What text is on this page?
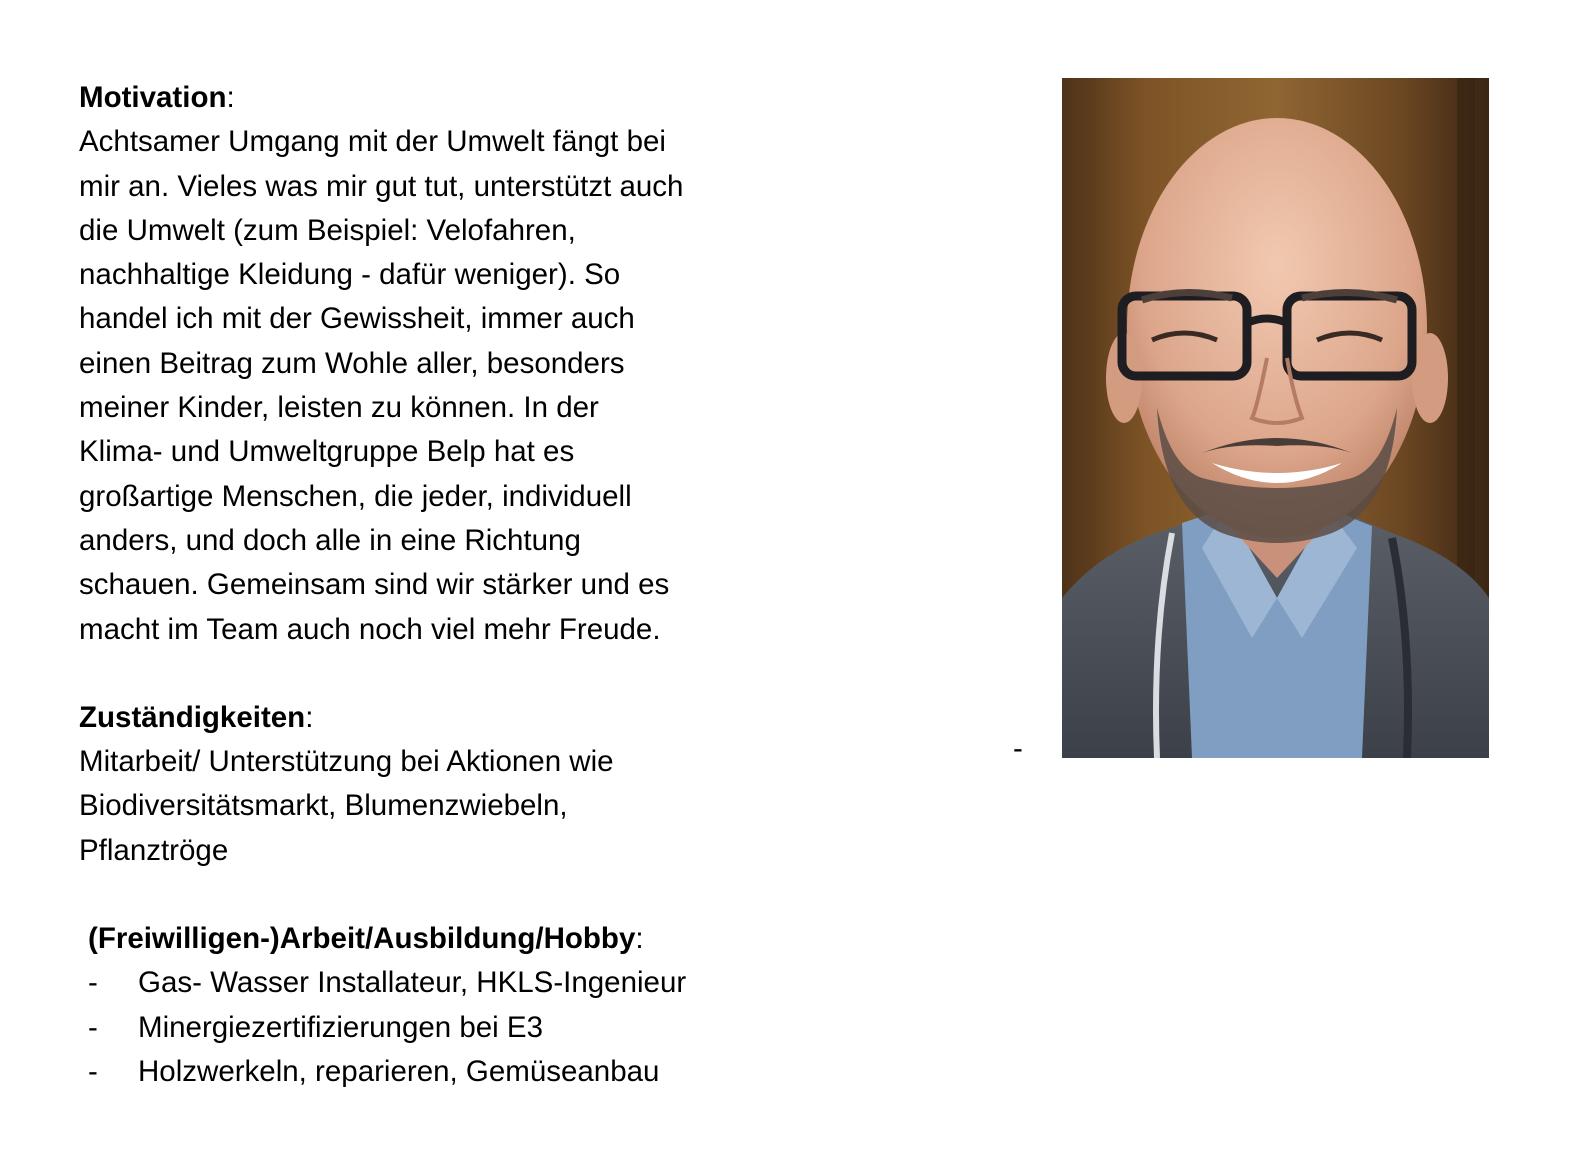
Motivation:

Achtsamer Umgang mit der Umwelt fängt bei

mir an. Vieles was mir gut tut, unterstützt auch

die Umwelt (zum Beispiel: Velofahren,

nachhaltige Kleidung - dafür weniger). So

handel ich mit der Gewissheit, immer auch

einen Beitrag zum Wohle aller, besonders

meiner Kinder, leisten zu können. In der

Klima- und Umweltgruppe Belp hat es

großartige Menschen, die jeder, individuell

anders, und doch alle in eine Richtung

schauen. Gemeinsam sind wir stärker und es

macht im Team auch noch viel mehr Freude.

Zuständigkeiten:

Mitarbeit/ Unterstützung bei Aktionen wie

Biodiversitätsmarkt, Blumenzwiebeln,

Pflanztröge

(Freiwilligen-)Arbeit/Ausbildung/Hobby:
-	Gas- Wasser Installateur, HKLS-Ingenieur
-	Minergiezertifizierungen bei E3
-	Holzwerkeln, reparieren, Gemüseanbau
-
